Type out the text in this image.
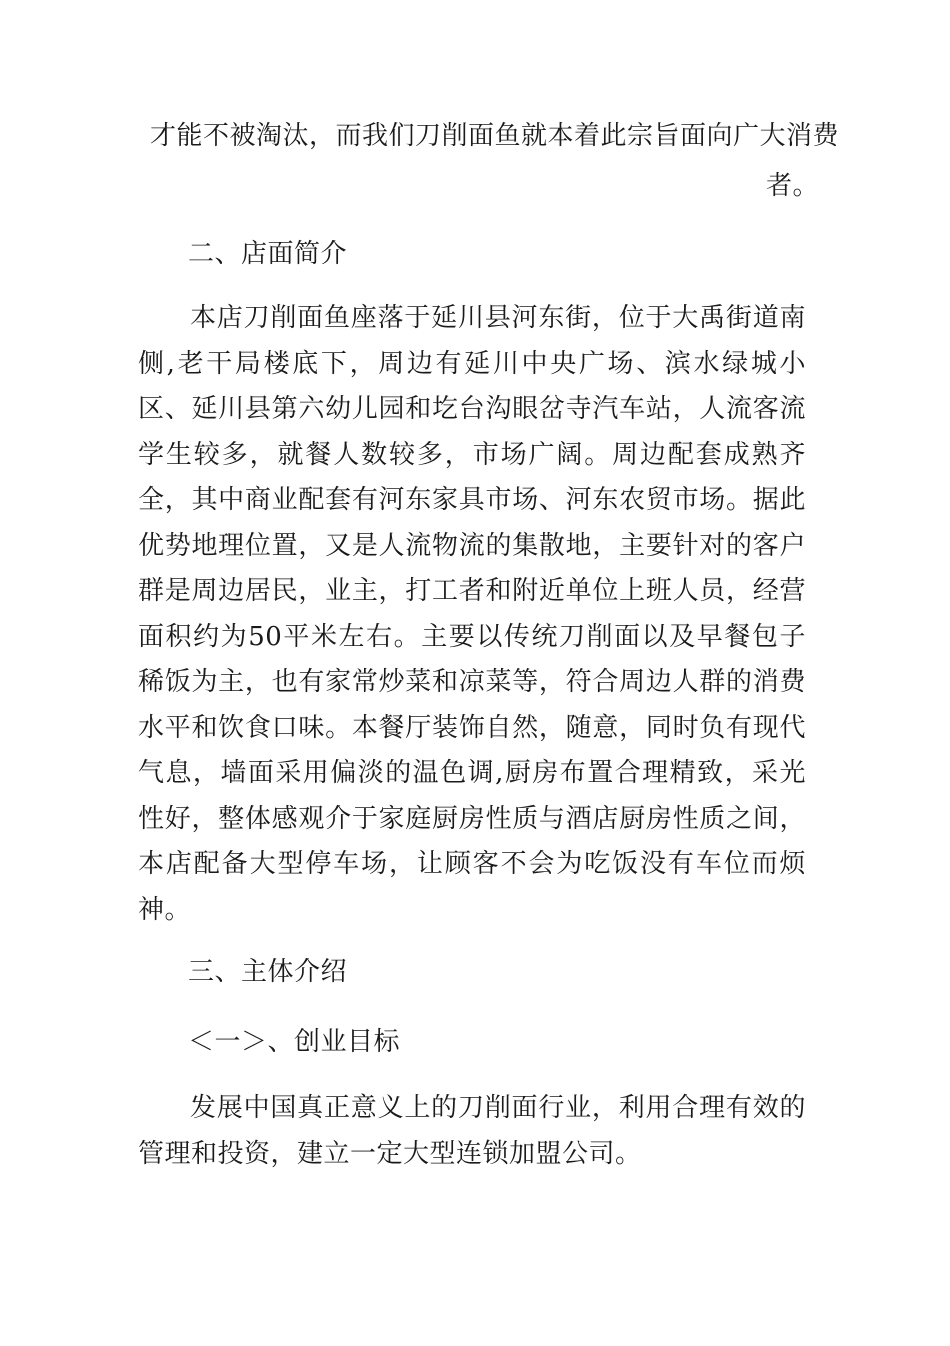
才能不被淘汰，而我们刀削面鱼就本着此宗旨面向广大消费
者。
二、店面简介
本店刀削面鱼座落于延川县河东街，位于大禹街道南侧,老干局楼底下，周边有延川中央广场、滨水绿城小区、延川县第六幼儿园和圪台沟眼岔寺汽车站，人流客流学生较多，就餐人数较多，市场广阔。周边配套成熟齐全，其中商业配套有河东家具市场、河东农贸市场。据此优势地理位置，又是人流物流的集散地，主要针对的客户群是周边居民，业主，打工者和附近单位上班人员，经营面积约为50平米左右。主要以传统刀削面以及早餐包子稀饭为主，也有家常炒菜和凉菜等，符合周边人群的消费水平和饮食口味。本餐厅装饰自然，随意，同时负有现代气息，墙面采用偏淡的温色调,厨房布置合理精致，采光性好，整体感观介于家庭厨房性质与酒店厨房性质之间，本店配备大型停车场，让顾客不会为吃饭没有车位而烦神。
三、主体介绍
＜一＞、创业目标
发展中国真正意义上的刀削面行业，利用合理有效的管理和投资，建立一定大型连锁加盟公司。
